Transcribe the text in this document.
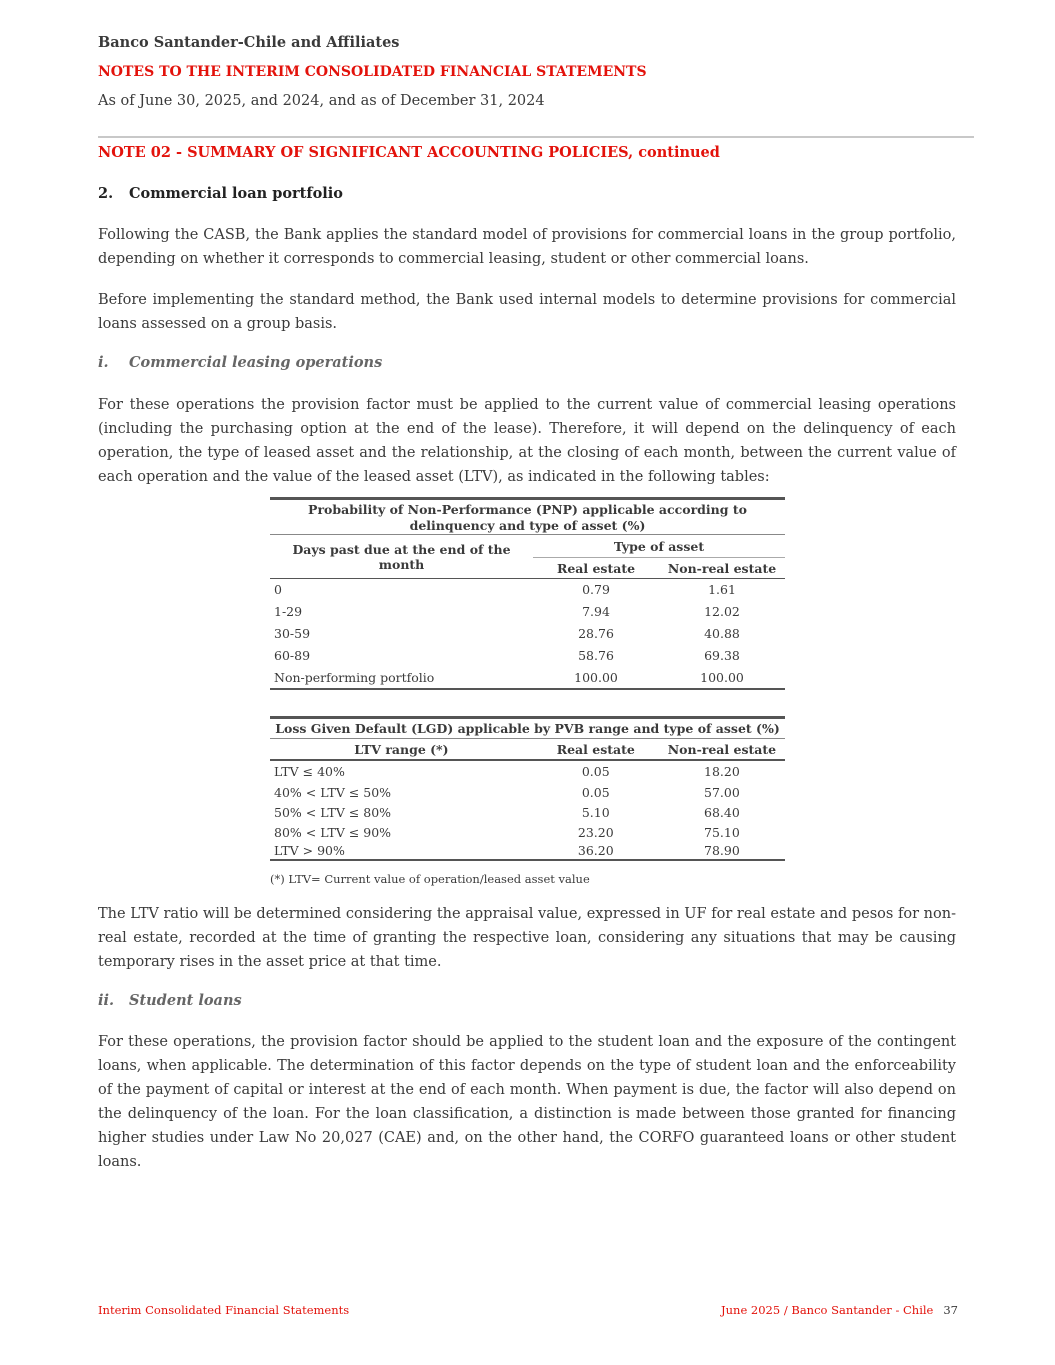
Banco Santander-Chile and Affiliates
NOTES TO THE INTERIM CONSOLIDATED FINANCIAL STATEMENTS
As of June 30, 2025, and 2024, and as of December 31, 2024
NOTE 02 - SUMMARY OF SIGNIFICANT ACCOUNTING POLICIES, continued
2. Commercial loan portfolio
Following the CASB, the Bank applies the standard model of provisions for commercial loans in the group portfolio, depending on whether it corresponds to commercial leasing, student or other commercial loans.
Before implementing the standard method, the Bank used internal models to determine provisions for commercial loans assessed on a group basis.
i. Commercial leasing operations
For these operations the provision factor must be applied to the current value of commercial leasing operations (including the purchasing option at the end of the lease). Therefore, it will depend on the delinquency of each operation, the type of leased asset and the relationship, at the closing of each month, between the current value of each operation and the value of the leased asset (LTV), as indicated in the following tables:
Probability of Non-Performance (PNP) applicable according to delinquency and type of asset (%)		
Days past due at the end of the month	Type of asset	
	Real estate	Non-real estate
0	0.79	1.61
1-29	7.94	12.02
30-59	28.76	40.88
60-89	58.76	69.38
Non-performing portfolio	100.00	100.00
Loss Given Default (LGD) applicable by PVB range and type of asset (%)		
LTV range (*)	Real estate	Non-real estate
LTV ≤ 40%	0.05	18.20
40% < LTV ≤ 50%	0.05	57.00
50% < LTV ≤ 80%	5.10	68.40
80% < LTV ≤ 90%	23.20	75.10
LTV > 90%	36.20	78.90
(*) LTV= Current value of operation/leased asset value
The LTV ratio will be determined considering the appraisal value, expressed in UF for real estate and pesos for non-real estate, recorded at the time of granting the respective loan, considering any situations that may be causing temporary rises in the asset price at that time.
ii. Student loans
For these operations, the provision factor should be applied to the student loan and the exposure of the contingent loans, when applicable. The determination of this factor depends on the type of student loan and the enforceability of the payment of capital or interest at the end of each month. When payment is due, the factor will also depend on the delinquency of the loan. For the loan classification, a distinction is made between those granted for financing higher studies under Law No 20,027 (CAE) and, on the other hand, the CORFO guaranteed loans or other student loans.
Interim Consolidated Financial Statements	June 2025 / Banco Santander - Chile 37
